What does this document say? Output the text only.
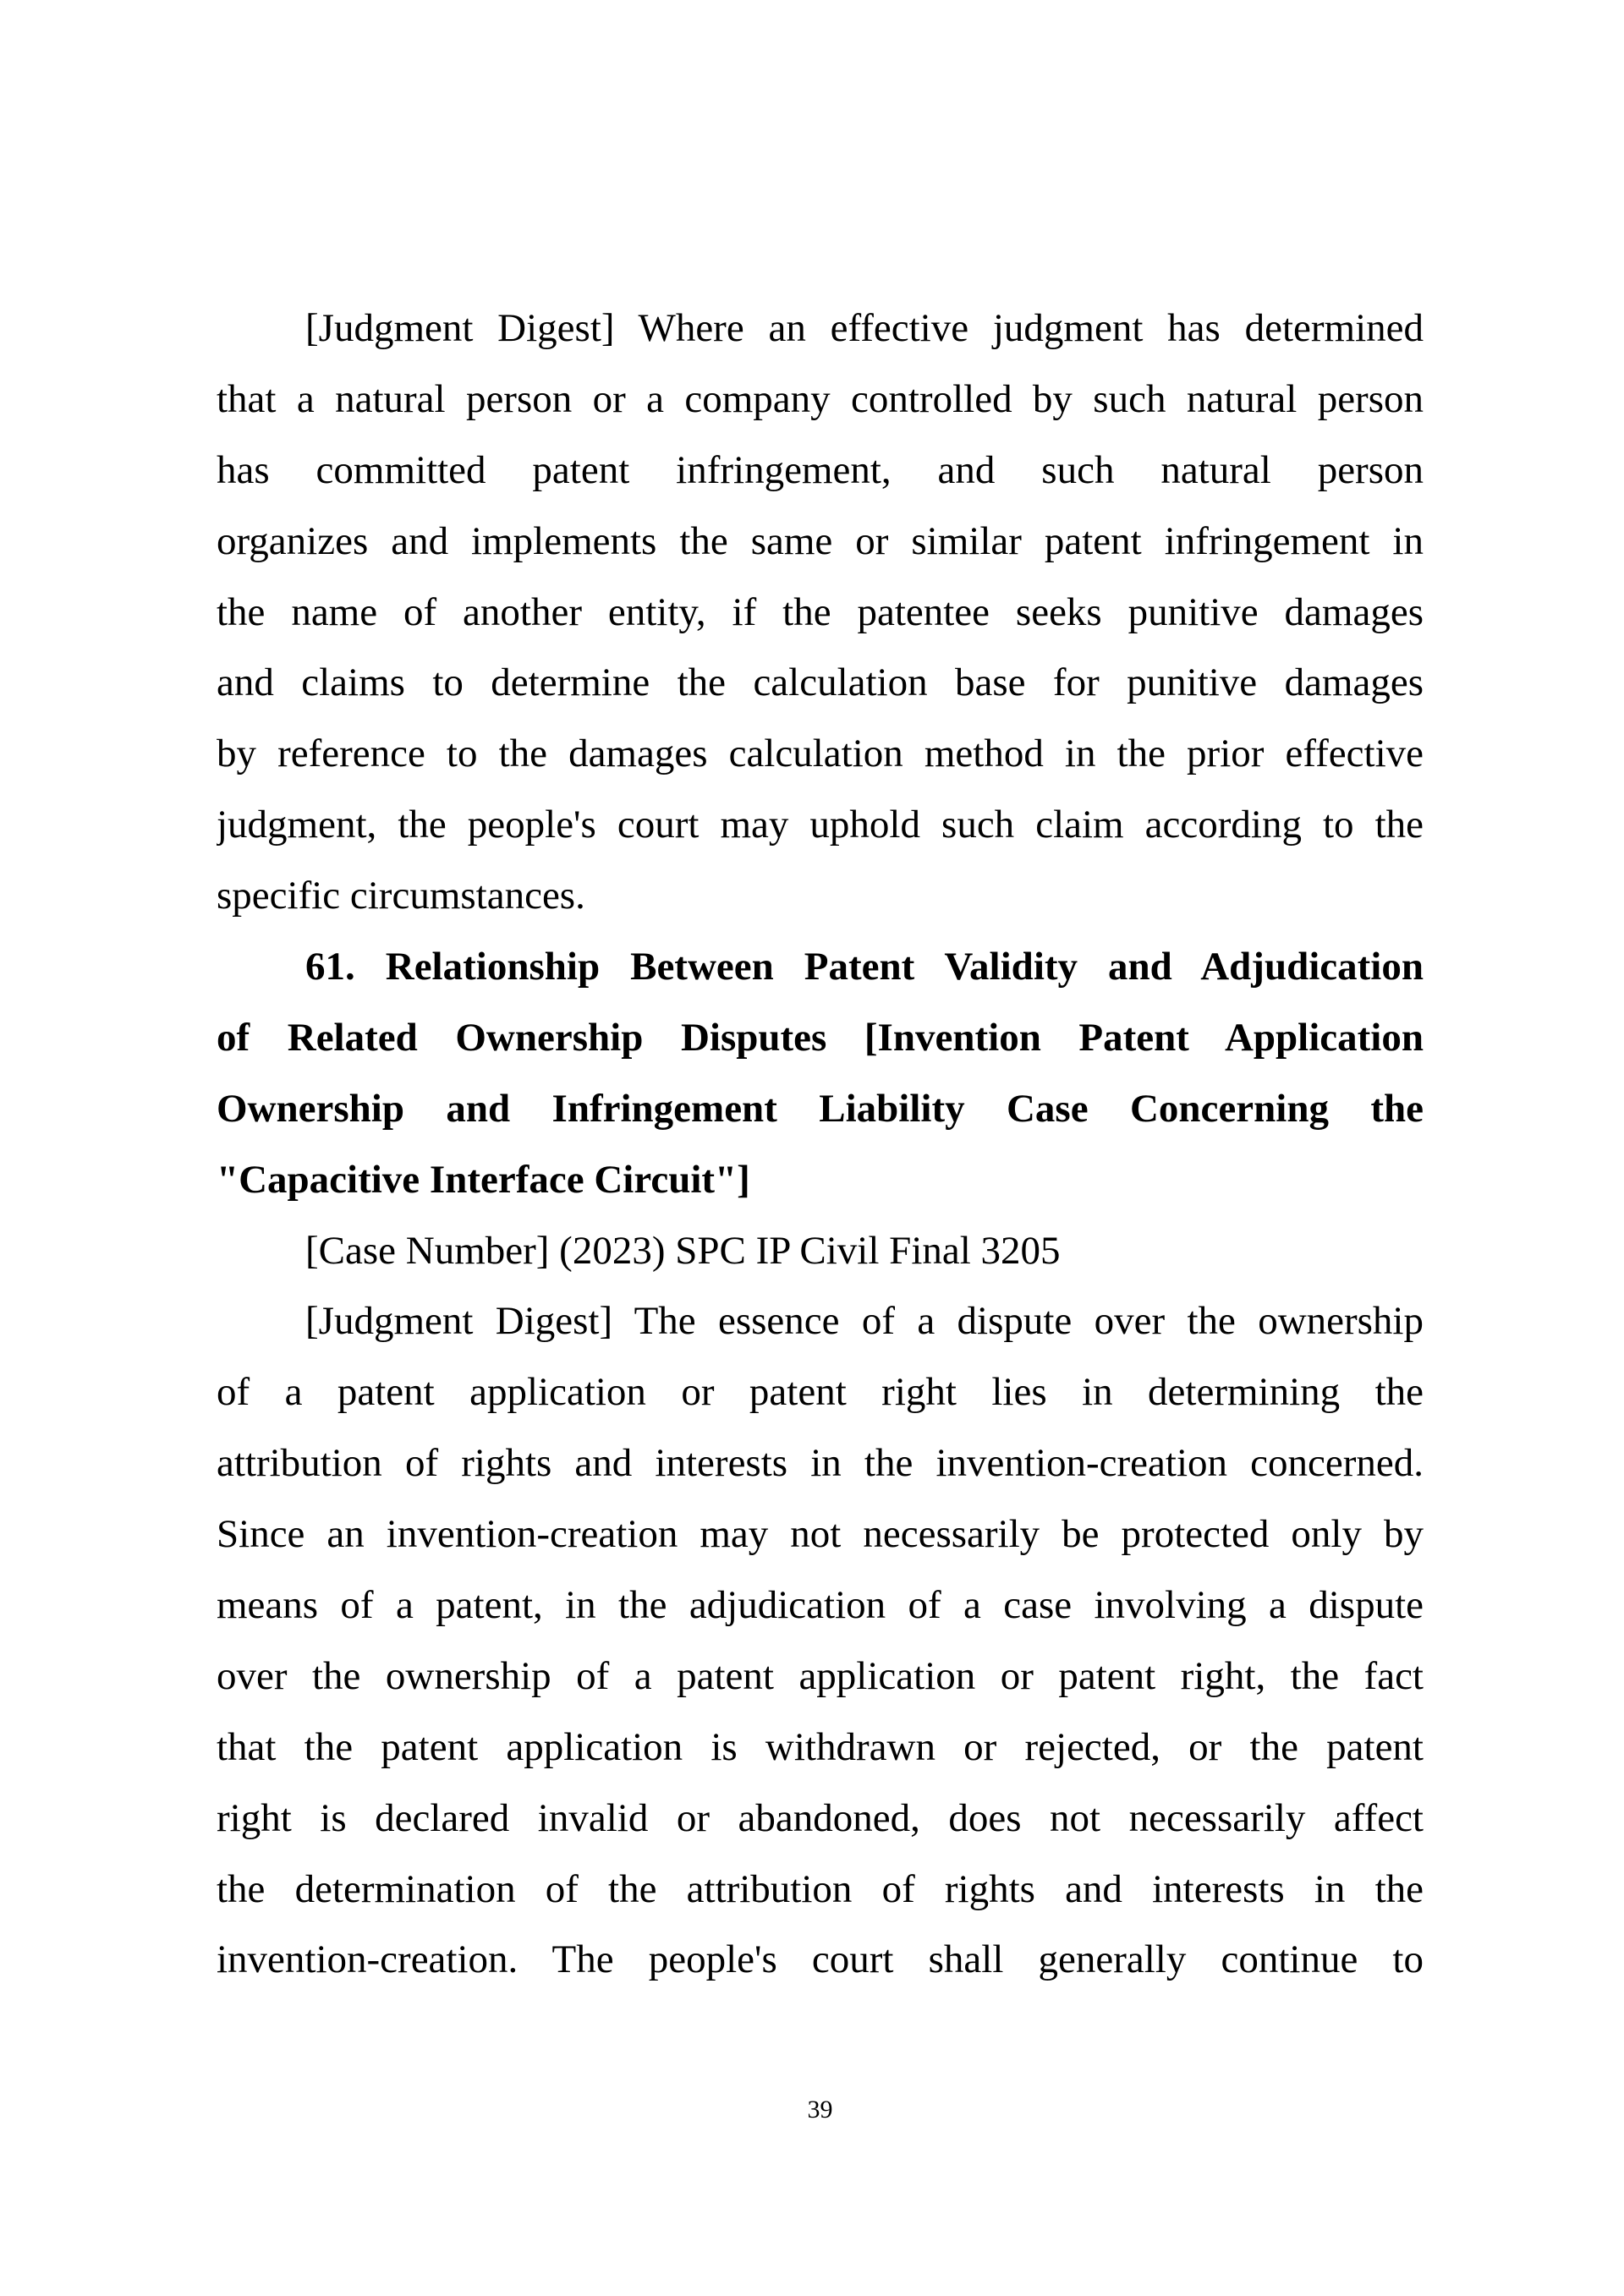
[Judgment Digest] Where an effective judgment has determined
that a natural person or a company controlled by such natural person
has committed patent infringement, and such natural person
organizes and implements the same or similar patent infringement in
the name of another entity, if the patentee seeks punitive damages
and claims to determine the calculation base for punitive damages
by reference to the damages calculation method in the prior effective
judgment, the people's court may uphold such claim according to the
specific circumstances.
61. Relationship Between Patent Validity and Adjudication
of Related Ownership Disputes [Invention Patent Application
Ownership and Infringement Liability Case Concerning the
"Capacitive Interface Circuit"]
[Case Number] (2023) SPC IP Civil Final 3205
[Judgment Digest] The essence of a dispute over the ownership
of a patent application or patent right lies in determining the
attribution of rights and interests in the invention-creation concerned.
Since an invention-creation may not necessarily be protected only by
means of a patent, in the adjudication of a case involving a dispute
over the ownership of a patent application or patent right, the fact
that the patent application is withdrawn or rejected, or the patent
right is declared invalid or abandoned, does not necessarily affect
the determination of the attribution of rights and interests in the
invention-creation. The people's court shall generally continue to
39
